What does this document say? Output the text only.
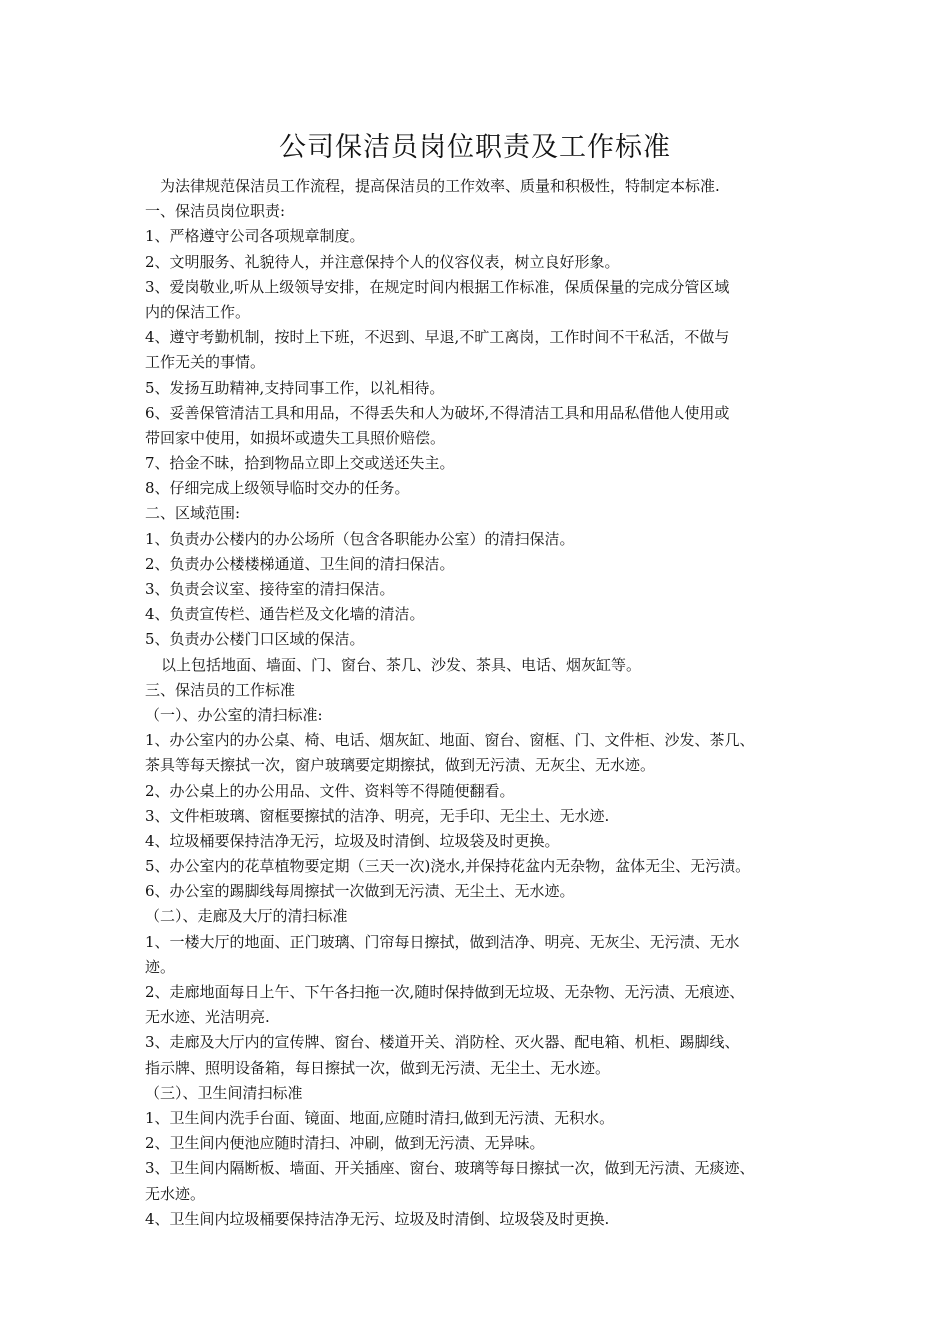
公司保洁员岗位职责及工作标准
为法律规范保洁员工作流程，提高保洁员的工作效率、质量和积极性，特制定本标准.
一、保洁员岗位职责:
1、严格遵守公司各项规章制度。
2、文明服务、礼貌待人，并注意保持个人的仪容仪表，树立良好形象。
3、爱岗敬业,听从上级领导安排，在规定时间内根据工作标准，保质保量的完成分管区域
内的保洁工作。
4、遵守考勤机制，按时上下班，不迟到、早退,不旷工离岗，工作时间不干私活，不做与
工作无关的事情。
5、发扬互助精神,支持同事工作，以礼相待。
6、妥善保管清洁工具和用品，不得丢失和人为破坏,不得清洁工具和用品私借他人使用或
带回家中使用，如损坏或遗失工具照价赔偿。
7、拾金不昧，拾到物品立即上交或送还失主。
8、仔细完成上级领导临时交办的任务。
二、区域范围:
1、负责办公楼内的办公场所（包含各职能办公室）的清扫保洁。
2、负责办公楼楼梯通道、卫生间的清扫保洁。
3、负责会议室、接待室的清扫保洁。
4、负责宣传栏、通告栏及文化墙的清洁。
5、负责办公楼门口区域的保洁。
以上包括地面、墙面、门、窗台、茶几、沙发、茶具、电话、烟灰缸等。
三、保洁员的工作标准
（一）、办公室的清扫标准:
1、办公室内的办公桌、椅、电话、烟灰缸、地面、窗台、窗框、门、文件柜、沙发、茶几、
茶具等每天擦拭一次，窗户玻璃要定期擦拭，做到无污渍、无灰尘、无水迹。
2、办公桌上的办公用品、文件、资料等不得随便翻看。
3、文件柜玻璃、窗框要擦拭的洁净、明亮，无手印、无尘土、无水迹.
4、垃圾桶要保持洁净无污，垃圾及时清倒、垃圾袋及时更换。
5、办公室内的花草植物要定期（三天一次)浇水,并保持花盆内无杂物，盆体无尘、无污渍。
6、办公室的踢脚线每周擦拭一次做到无污渍、无尘土、无水迹。
（二）、走廊及大厅的清扫标准
1、一楼大厅的地面、正门玻璃、门帘每日擦拭，做到洁净、明亮、无灰尘、无污渍、无水
迹。
2、走廊地面每日上午、下午各扫拖一次,随时保持做到无垃圾、无杂物、无污渍、无痕迹、
无水迹、光洁明亮.
3、走廊及大厅内的宣传牌、窗台、楼道开关、消防栓、灭火器、配电箱、机柜、踢脚线、
指示牌、照明设备箱，每日擦拭一次，做到无污渍、无尘土、无水迹。
（三）、卫生间清扫标准
1、卫生间内洗手台面、镜面、地面,应随时清扫,做到无污渍、无积水。
2、卫生间内便池应随时清扫、冲刷，做到无污渍、无异味。
3、卫生间内隔断板、墙面、开关插座、窗台、玻璃等每日擦拭一次，做到无污渍、无痰迹、
无水迹。
4、卫生间内垃圾桶要保持洁净无污、垃圾及时清倒、垃圾袋及时更换.
